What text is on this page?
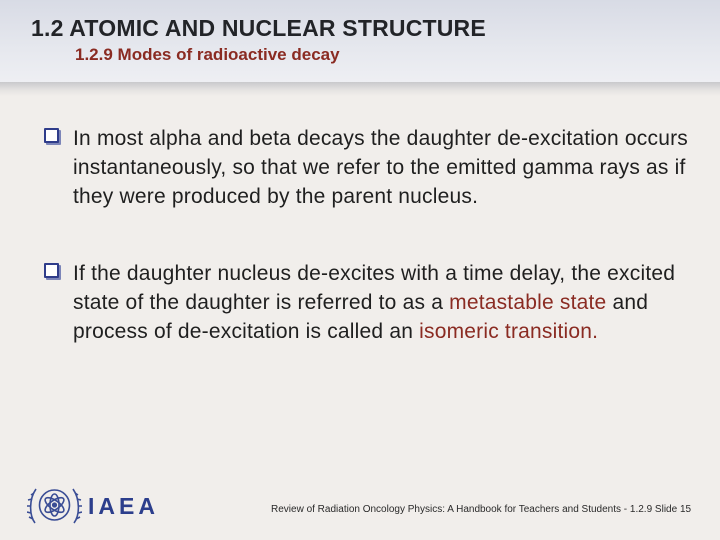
1.2 ATOMIC AND NUCLEAR STRUCTURE
1.2.9 Modes of radioactive decay
In most alpha and beta decays the daughter de-excitation occurs instantaneously, so that we refer to the emitted gamma rays as if they were produced by the parent nucleus.
If the daughter nucleus de-excites with a time delay, the excited state of the daughter is referred to as a metastable state and process of de-excitation is called an isomeric transition.
IAEA	Review of Radiation Oncology Physics: A Handbook for Teachers and Students - 1.2.9 Slide 15
